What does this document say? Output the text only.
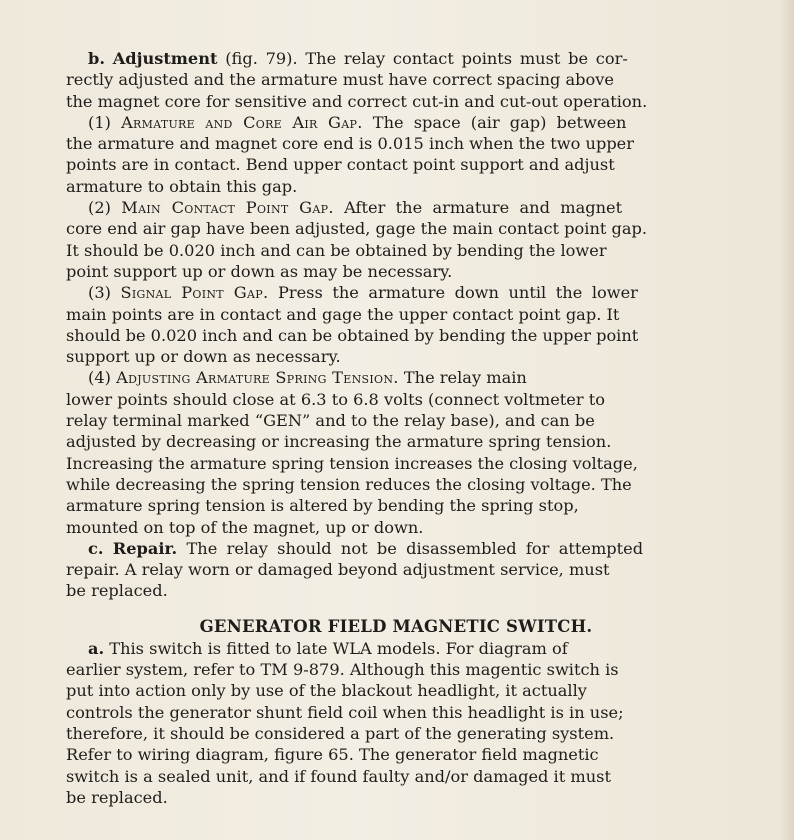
b. Adjustment (fig. 79). The relay contact points must be cor-
rectly adjusted and the armature must have correct spacing above
the magnet core for sensitive and correct cut-in and cut-out operation.
(1) Armature and Core Air Gap. The space (air gap) between
the armature and magnet core end is 0.015 inch when the two upper
points are in contact. Bend upper contact point support and adjust
armature to obtain this gap.
(2) Main Contact Point Gap. After the armature and magnet
core end air gap have been adjusted, gage the main contact point gap.
It should be 0.020 inch and can be obtained by bending the lower
point support up or down as may be necessary.
(3) Signal Point Gap. Press the armature down until the lower
main points are in contact and gage the upper contact point gap. It
should be 0.020 inch and can be obtained by bending the upper point
support up or down as necessary.
(4) Adjusting Armature Spring Tension. The relay main
lower points should close at 6.3 to 6.8 volts (connect voltmeter to
relay terminal marked “GEN” and to the relay base), and can be
adjusted by decreasing or increasing the armature spring tension.
Increasing the armature spring tension increases the closing voltage,
while decreasing the spring tension reduces the closing voltage. The
armature spring tension is altered by bending the spring stop,
mounted on top of the magnet, up or down.
c. Repair. The relay should not be disassembled for attempted
repair. A relay worn or damaged beyond adjustment service, must
be replaced.
GENERATOR FIELD MAGNETIC SWITCH.
a. This switch is fitted to late WLA models. For diagram of
earlier system, refer to TM 9-879. Although this magentic switch is
put into action only by use of the blackout headlight, it actually
controls the generator shunt field coil when this headlight is in use;
therefore, it should be considered a part of the generating system.
Refer to wiring diagram, figure 65. The generator field magnetic
switch is a sealed unit, and if found faulty and/or damaged it must
be replaced.
